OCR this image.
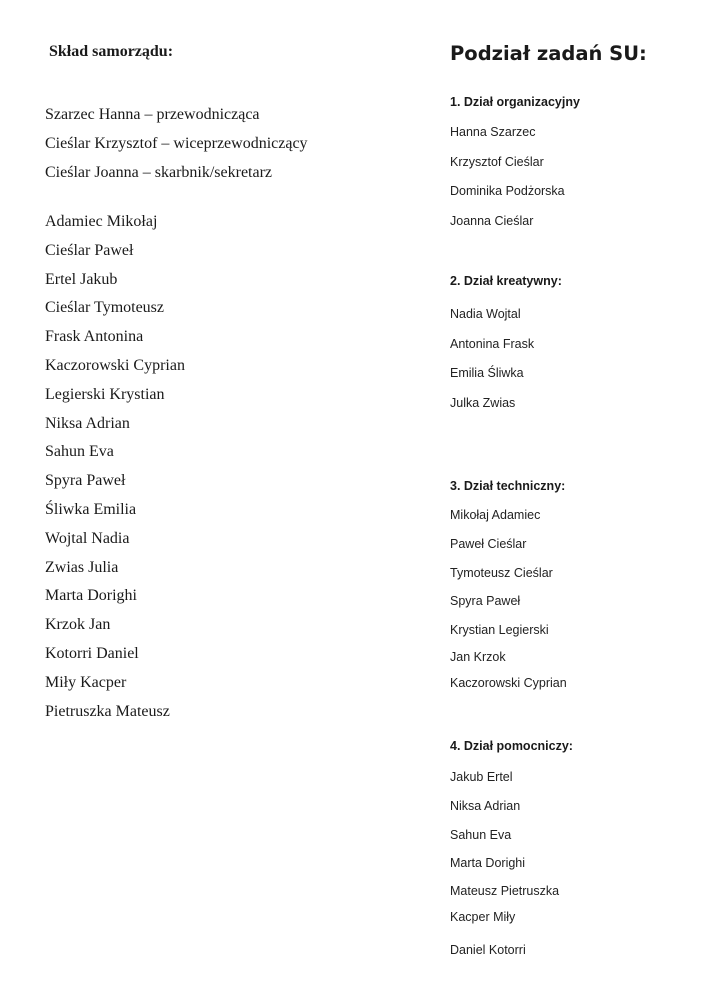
Skład samorządu:
Szarzec Hanna – przewodnicząca
Cieślar Krzysztof – wiceprzewodniczący
Cieślar Joanna – skarbnik/sekretarz
Adamiec Mikołaj
Cieślar Paweł
Ertel Jakub
Cieślar Tymoteusz
Frask Antonina
Kaczorowski Cyprian
Legierski Krystian
Niksa Adrian
Sahun Eva
Spyra Paweł
Śliwka Emilia
Wojtal Nadia
Zwias Julia
Marta Dorighi
Krzok Jan
Kotorri Daniel
Miły Kacper
Pietruszka Mateusz
Podział zadań SU:
1. Dział organizacyjny
Hanna Szarzec
Krzysztof Cieślar
Dominika Podżorska
Joanna Cieślar
2. Dział kreatywny:
Nadia Wojtal
Antonina Frask
Emilia Śliwka
Julka Zwias
3. Dział techniczny:
Mikołaj Adamiec
Paweł Cieślar
Tymoteusz Cieślar
Spyra Paweł
Krystian Legierski
Jan Krzok
Kaczorowski Cyprian
4. Dział pomocniczy:
Jakub Ertel
Niksa Adrian
Sahun Eva
Marta Dorighi
Mateusz Pietruszka
Kacper Miły
Daniel Kotorri
